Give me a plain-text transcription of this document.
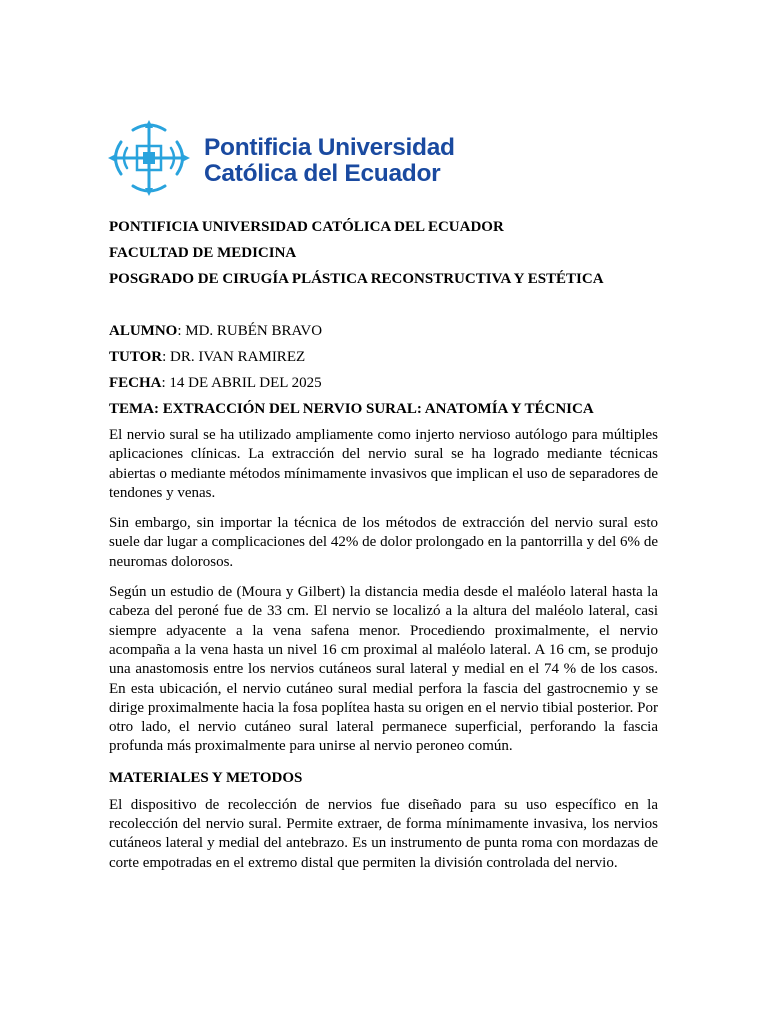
Pontificia Universidad
Católica del Ecuador

PONTIFICIA UNIVERSIDAD CATÓLICA DEL ECUADOR

FACULTAD DE MEDICINA

POSGRADO DE CIRUGÍA PLÁSTICA RECONSTRUCTIVA Y ESTÉTICA

ALUMNO: MD. RUBÉN BRAVO

TUTOR: DR. IVAN RAMIREZ

FECHA: 14 DE ABRIL DEL 2025

TEMA: EXTRACCIÓN DEL NERVIO SURAL: ANATOMÍA Y TÉCNICA

El nervio sural se ha utilizado ampliamente como injerto nervioso autólogo para múltiples aplicaciones clínicas. La extracción del nervio sural se ha logrado mediante técnicas abiertas o mediante métodos mínimamente invasivos que implican el uso de separadores de tendones y venas.

Sin embargo, sin importar la técnica de los métodos de extracción del nervio sural esto suele dar lugar a complicaciones del 42% de dolor prolongado en la pantorrilla y del 6% de neuromas dolorosos.

Según un estudio de (Moura y Gilbert) la distancia media desde el maléolo lateral hasta la cabeza del peroné fue de 33 cm. El nervio se localizó a la altura del maléolo lateral, casi siempre adyacente a la vena safena menor. Procediendo proximalmente, el nervio acompaña a la vena hasta un nivel 16 cm proximal al maléolo lateral. A 16 cm, se produjo una anastomosis entre los nervios cutáneos sural lateral y medial en el 74 % de los casos. En esta ubicación, el nervio cutáneo sural medial perfora la fascia del gastrocnemio y se dirige proximalmente hacia la fosa poplítea hasta su origen en el nervio tibial posterior. Por otro lado, el nervio cutáneo sural lateral permanece superficial, perforando la fascia profunda más proximalmente para unirse al nervio peroneo común.

MATERIALES Y METODOS

El dispositivo de recolección de nervios fue diseñado para su uso específico en la recolección del nervio sural. Permite extraer, de forma mínimamente invasiva, los nervios cutáneos lateral y medial del antebrazo. Es un instrumento de punta roma con mordazas de corte empotradas en el extremo distal que permiten la división controlada del nervio.
